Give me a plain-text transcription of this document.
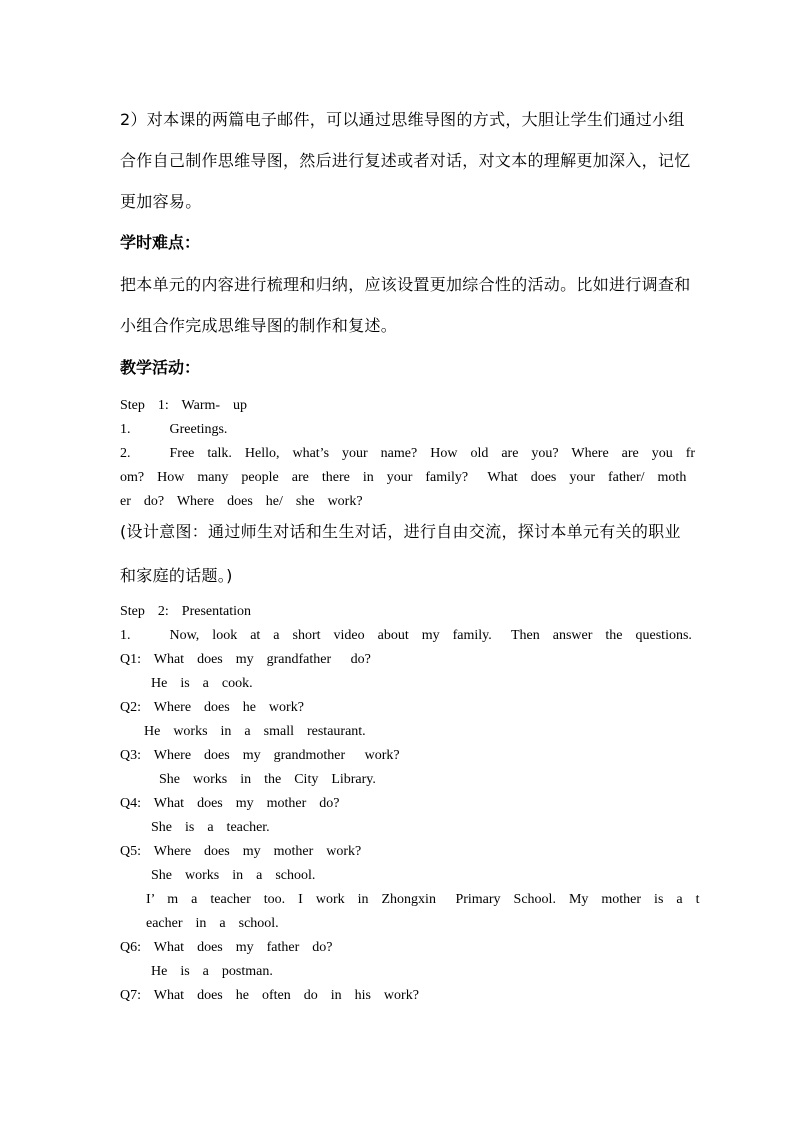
2）对本课的两篇电子邮件，可以通过思维导图的方式，大胆让学生们通过小组
合作自己制作思维导图，然后进行复述或者对话，对文本的理解更加深入，记忆
更加容易。
学时难点：
把本单元的内容进行梳理和归纳，应该设置更加综合性的活动。比如进行调查和
小组合作完成思维导图的制作和复述。
教学活动：
Step  1:  Warm-  up
1.      Greetings.
2.      Free  talk.  Hello,  what’s  your  name?  How  old  are  you?  Where  are  you  fr
om?  How  many  people  are  there  in  your  family?   What  does  your  father/  moth
er  do?  Where  does  he/  she  work?
(设计意图：通过师生对话和生生对话，进行自由交流，探讨本单元有关的职业
和家庭的话题。)
Step  2:  Presentation
1.      Now,  look  at  a  short  video  about  my  family.   Then  answer  the  questions.
Q1:  What  does  my  grandfather   do?
He  is  a  cook.
Q2:  Where  does  he  work?
He  works  in  a  small  restaurant.
Q3:  Where  does  my  grandmother   work?
She  works  in  the  City  Library.
Q4:  What  does  my  mother  do?
She  is  a  teacher.
Q5:  Where  does  my  mother  work?
She  works  in  a  school.
I’  m  a  teacher  too.  I  work  in  Zhongxin   Primary  School.  My  mother  is  a  t
eacher  in  a  school.
Q6:  What  does  my  father  do?
He  is  a  postman.
Q7:  What  does  he  often  do  in  his  work?
